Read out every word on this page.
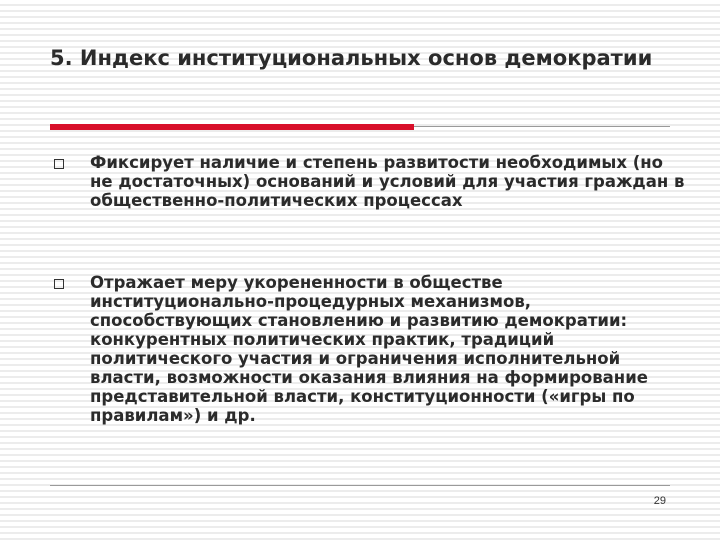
5. Индекс институциональных основ демократии

Фиксирует наличие и степень развитости необходимых (но не достаточных) оснований и условий для участия граждан в общественно-политических процессах

Отражает меру укорененности в обществе институционально-процедурных механизмов, способствующих становлению и развитию демократии: конкурентных политических практик, традиций политического участия и ограничения исполнительной власти, возможности оказания влияния на формирование представительной власти, конституционности («игры по правилам») и др.

29
